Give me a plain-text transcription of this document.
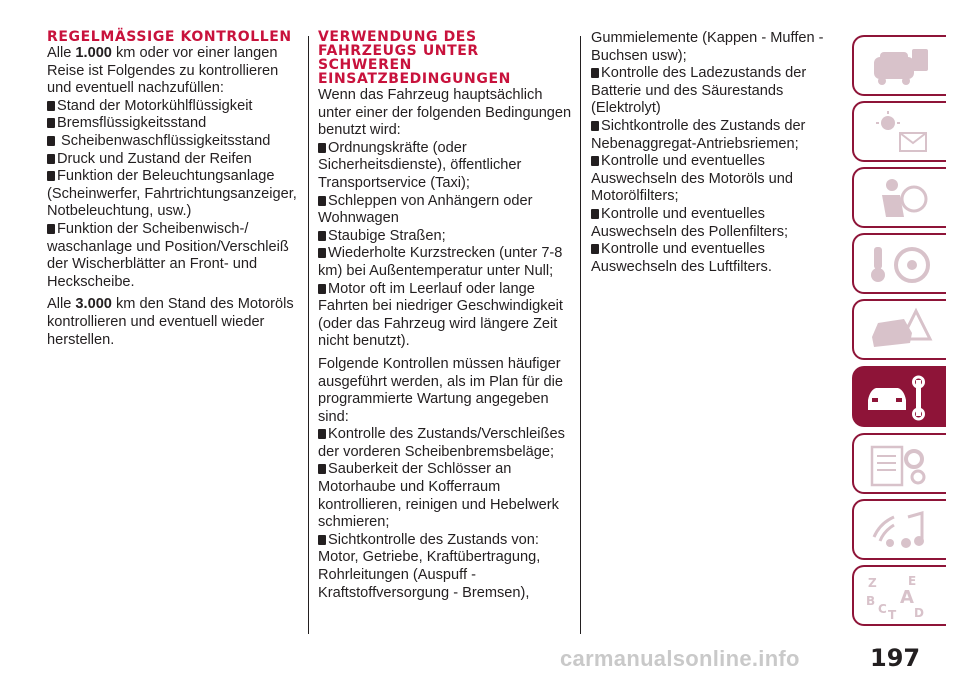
REGELMÄSSIGE KONTROLLEN

Alle 1.000 km oder vor einer langen Reise ist Folgendes zu kontrollieren und eventuell nachzufüllen:

Stand der Motorkühlflüssigkeit

Bremsflüssigkeitsstand

Scheibenwaschflüssigkeitsstand

Druck und Zustand der Reifen

Funktion der Beleuchtungsanlage (Scheinwerfer, Fahrtrichtungsanzeiger, Notbeleuchtung, usw.)

Funktion der Scheibenwisch-/ waschanlage und Position/Verschleiß der Wischerblätter an Front- und Heckscheibe.

Alle 3.000 km den Stand des Motoröls kontrollieren und eventuell wieder herstellen.

VERWENDUNG DES FAHRZEUGS UNTER SCHWEREN EINSATZBEDINGUNGEN

Wenn das Fahrzeug hauptsächlich unter einer der folgenden Bedingungen benutzt wird:

Ordnungskräfte (oder Sicherheitsdienste), öffentlicher Transportservice (Taxi);

Schleppen von Anhängern oder Wohnwagen

Staubige Straßen;

Wiederholte Kurzstrecken (unter 7-8 km) bei Außentemperatur unter Null;

Motor oft im Leerlauf oder lange Fahrten bei niedriger Geschwindigkeit (oder das Fahrzeug wird längere Zeit nicht benutzt).

Folgende Kontrollen müssen häufiger ausgeführt werden, als im Plan für die programmierte Wartung angegeben sind:

Kontrolle des Zustands/Verschleißes der vorderen Scheibenbremsbeläge;

Sauberkeit der Schlösser an Motorhaube und Kofferraum kontrollieren, reinigen und Hebelwerk schmieren;

Sichtkontrolle des Zustands von: Motor, Getriebe, Kraftübertragung, Rohrleitungen (Auspuff - Kraftstoffversorgung - Bremsen),

Gummielemente (Kappen - Muffen - Buchsen usw);

Kontrolle des Ladezustands der Batterie und des Säurestands (Elektrolyt)

Sichtkontrolle des Zustands der Nebenaggregat-Antriebsriemen;

Kontrolle und eventuelles Auswechseln des Motoröls und Motorölfilters;

Kontrolle und eventuelles Auswechseln des Pollenfilters;

Kontrolle und eventuelles Auswechseln des Luftfilters.

Z	E
B A
C T D
carmanualsonline.info	197
